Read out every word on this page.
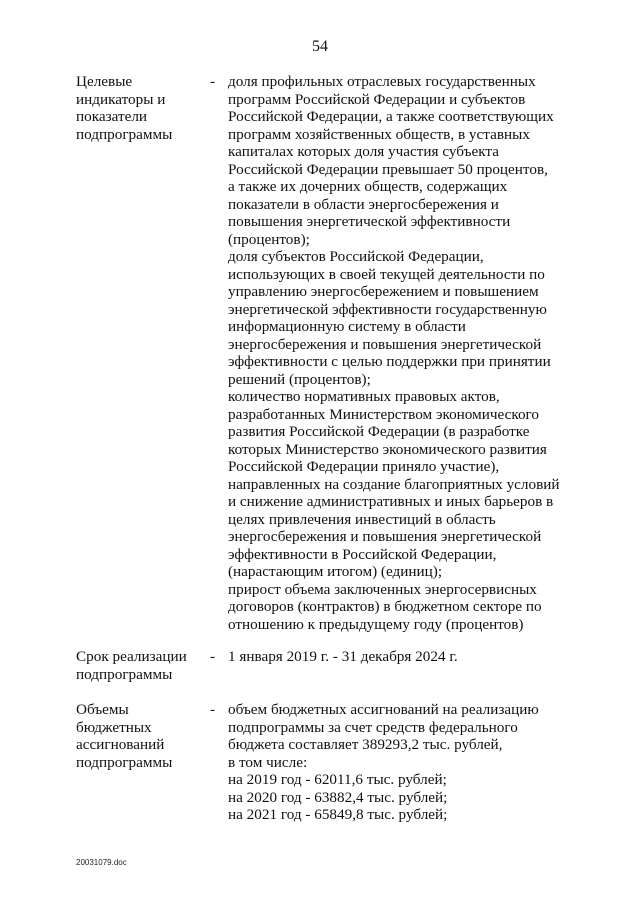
54
Целевые
индикаторы и
показатели
подпрограммы
- доля профильных отраслевых государственных
программ Российской Федерации и субъектов
Российской Федерации, а также соответствующих
программ хозяйственных обществ, в уставных
капиталах которых доля участия субъекта
Российской Федерации превышает 50 процентов,
а также их дочерних обществ, содержащих
показатели в области энергосбережения и
повышения энергетической эффективности
(процентов);
доля субъектов Российской Федерации,
использующих в своей текущей деятельности по
управлению энергосбережением и повышением
энергетической эффективности государственную
информационную систему в области
энергосбережения и повышения энергетической
эффективности с целью поддержки при принятии
решений (процентов);
количество нормативных правовых актов,
разработанных Министерством экономического
развития Российской Федерации (в разработке
которых Министерство экономического развития
Российской Федерации приняло участие),
направленных на создание благоприятных условий
и снижение административных и иных барьеров в
целях привлечения инвестиций в область
энергосбережения и повышения энергетической
эффективности в Российской Федерации,
(нарастающим итогом) (единиц);
прирост объема заключенных энергосервисных
договоров (контрактов) в бюджетном секторе по
отношению к предыдущему году (процентов)
Срок реализации
подпрограммы
- 1 января 2019 г. - 31 декабря 2024 г.
Объемы
бюджетных
ассигнований
подпрограммы
- объем бюджетных ассигнований на реализацию
подпрограммы за счет средств федерального
бюджета составляет 389293,2 тыс. рублей,
в том числе:
на 2019 год - 62011,6 тыс. рублей;
на 2020 год - 63882,4 тыс. рублей;
на 2021 год - 65849,8 тыс. рублей;
20031079.doc
